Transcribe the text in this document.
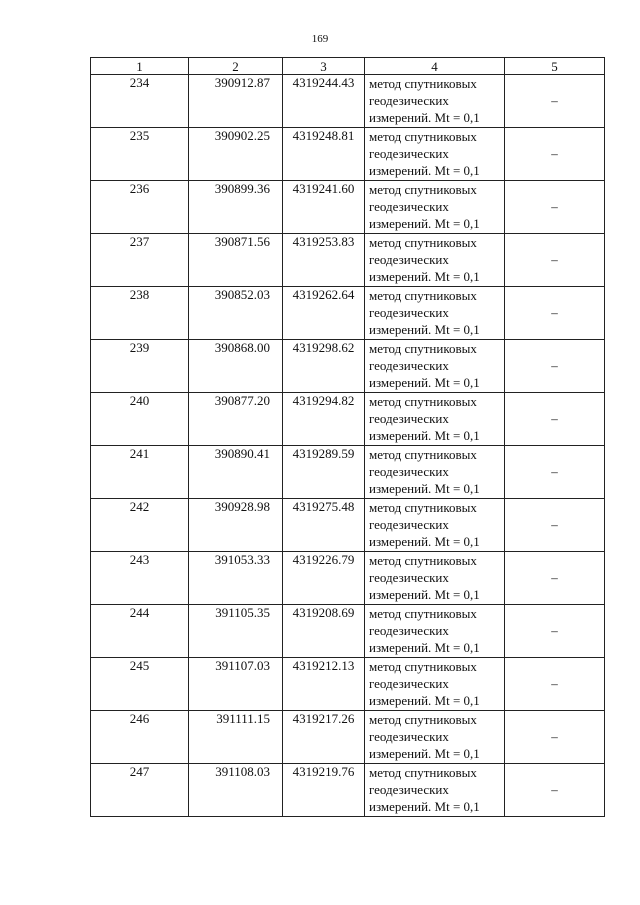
169
1	2	3	4	5
234	390912.87	4319244.43	метод спутниковых
геодезических
измерений. Mt = 0,1	–
235	390902.25	4319248.81	метод спутниковых
геодезических
измерений. Mt = 0,1	–
236	390899.36	4319241.60	метод спутниковых
геодезических
измерений. Mt = 0,1	–
237	390871.56	4319253.83	метод спутниковых
геодезических
измерений. Mt = 0,1	–
238	390852.03	4319262.64	метод спутниковых
геодезических
измерений. Mt = 0,1	–
239	390868.00	4319298.62	метод спутниковых
геодезических
измерений. Mt = 0,1	–
240	390877.20	4319294.82	метод спутниковых
геодезических
измерений. Mt = 0,1	–
241	390890.41	4319289.59	метод спутниковых
геодезических
измерений. Mt = 0,1	–
242	390928.98	4319275.48	метод спутниковых
геодезических
измерений. Mt = 0,1	–
243	391053.33	4319226.79	метод спутниковых
геодезических
измерений. Mt = 0,1	–
244	391105.35	4319208.69	метод спутниковых
геодезических
измерений. Mt = 0,1	–
245	391107.03	4319212.13	метод спутниковых
геодезических
измерений. Mt = 0,1	–
246	391111.15	4319217.26	метод спутниковых
геодезических
измерений. Mt = 0,1	–
247	391108.03	4319219.76	метод спутниковых
геодезических
измерений. Mt = 0,1	–
